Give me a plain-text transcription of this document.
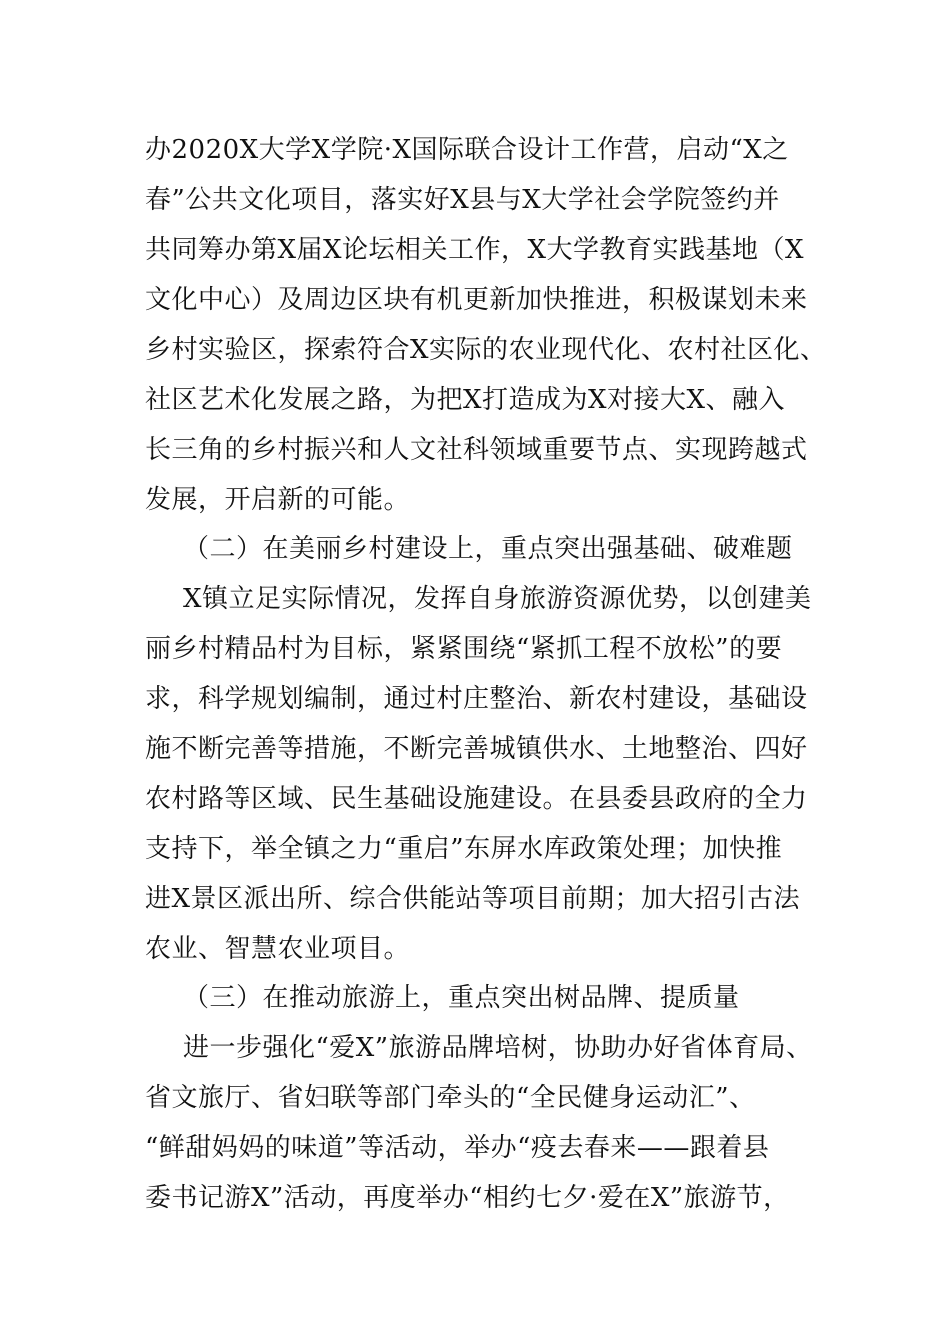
办2020X大学X学院·X国际联合设计工作营，启动“X之
春”公共文化项目，落实好X县与X大学社会学院签约并
共同筹办第X届X论坛相关工作，X大学教育实践基地（X
文化中心）及周边区块有机更新加快推进，积极谋划未来
乡村实验区，探索符合X实际的农业现代化、农村社区化、
社区艺术化发展之路，为把X打造成为X对接大X、融入
长三角的乡村振兴和人文社科领域重要节点、实现跨越式
发展，开启新的可能。
（二）在美丽乡村建设上，重点突出强基础、破难题
X镇立足实际情况，发挥自身旅游资源优势，以创建美
丽乡村精品村为目标，紧紧围绕“紧抓工程不放松”的要
求，科学规划编制，通过村庄整治、新农村建设，基础设
施不断完善等措施，不断完善城镇供水、土地整治、四好
农村路等区域、民生基础设施建设。在县委县政府的全力
支持下，举全镇之力“重启”东屏水库政策处理；加快推
进X景区派出所、综合供能站等项目前期；加大招引古法
农业、智慧农业项目。
（三）在推动旅游上，重点突出树品牌、提质量
进一步强化“爱X”旅游品牌培树，协助办好省体育局、
省文旅厅、省妇联等部门牵头的“全民健身运动汇”、
“鲜甜妈妈的味道”等活动，举办“疫去春来——跟着县
委书记游X”活动，再度举办“相约七夕·爱在X”旅游节，
